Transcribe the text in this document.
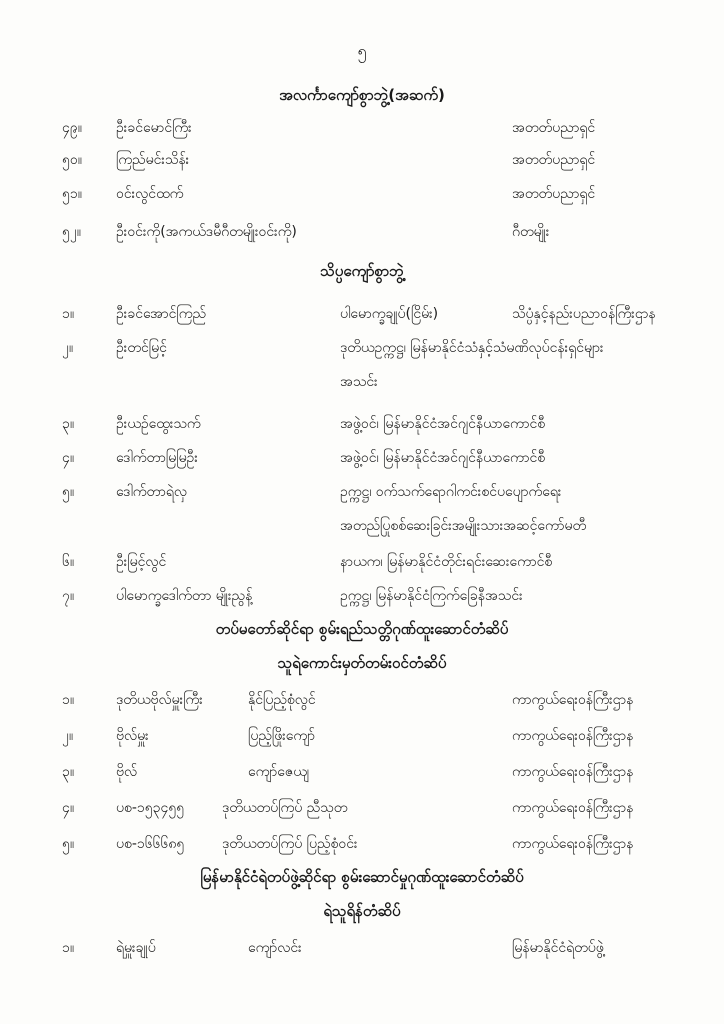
၅
အလင်္ကာကျော်စွာဘွဲ့(အဆက်)
၄၉။ ဦးခင်မောင်ကြီး	အတတ်ပညာရှင်
၅၀။ ကြည်မင်းသိန်း	အတတ်ပညာရှင်
၅၁။ ဝင်းလွင်ထက်	အတတ်ပညာရှင်
၅၂။	ဦးဝင်းကို(အကယ်ဒမီဂီတမျိုးဝင်းကို)	ဂီတမျိုး
သိပ္ပကျော်စွာဘွဲ့
၁။	ဦးခင်အောင်ကြည်	ပါမောက္ခချုပ်(ငြိမ်း)	သိပ္ပံနှင့်နည်းပညာဝန်ကြီးဌာန
၂။	ဦးတင်မြင့်	ဒုတိယဥက္ကဋ္ဌ၊ မြန်မာနိုင်ငံသံနှင့်သံမဏိလုပ်ငန်းရှင်များ
အသင်း
၃။	ဦးယဉ်ထွေးသက်	အဖွဲ့ဝင်၊ မြန်မာနိုင်ငံအင်ဂျင်နီယာကောင်စီ
၄။	ဒေါက်တာမြမြဦး	အဖွဲ့ဝင်၊ မြန်မာနိုင်ငံအင်ဂျင်နီယာကောင်စီ
၅။	ဒေါက်တာရဲလှ	ဥက္ကဋ္ဌ၊ ဝက်သက်ရောဂါကင်းစင်ပပျောက်ရေး
အတည်ပြုစစ်ဆေးခြင်းအမျိုးသားအဆင့်ကော်မတီ
၆။	ဦးမြင့်လွင်	နာယက၊ မြန်မာနိုင်ငံတိုင်းရင်းဆေးကောင်စီ
၇။	ပါမောက္ခဒေါက်တာ မျိုးညွန့်	ဥက္ကဋ္ဌ၊ မြန်မာနိုင်ငံကြက်ခြေနီအသင်း
တပ်မတော်ဆိုင်ရာ စွမ်းရည်သတ္တိဂုဏ်ထူးဆောင်တံဆိပ်
သူရဲကောင်းမှတ်တမ်းဝင်တံဆိပ်
၁။	ဒုတိယဗိုလ်မှူးကြီး	နိုင်ပြည့်စုံလွင်	ကာကွယ်ရေးဝန်ကြီးဌာန
၂။	ဗိုလ်မှူး	ပြည့်ဖြိုးကျော်	ကာကွယ်ရေးဝန်ကြီးဌာန
၃။	ဗိုလ်	ကျော်ဇေယျ	ကာကွယ်ရေးဝန်ကြီးဌာန
၄။	ပစ-၁၅၃၄၅၅	ဒုတိယတပ်ကြပ် ညီသုတ	ကာကွယ်ရေးဝန်ကြီးဌာန
၅။	ပစ-၁၆၆၆၈၅	ဒုတိယတပ်ကြပ် ပြည့်စုံဝင်း	ကာကွယ်ရေးဝန်ကြီးဌာန
မြန်မာနိုင်ငံရဲတပ်ဖွဲ့ဆိုင်ရာ စွမ်းဆောင်မှုဂုဏ်ထူးဆောင်တံဆိပ်
ရဲသူရိန်တံဆိပ်
၁။	ရဲမှူးချုပ်	ကျော်လင်း	မြန်မာနိုင်ငံရဲတပ်ဖွဲ့
